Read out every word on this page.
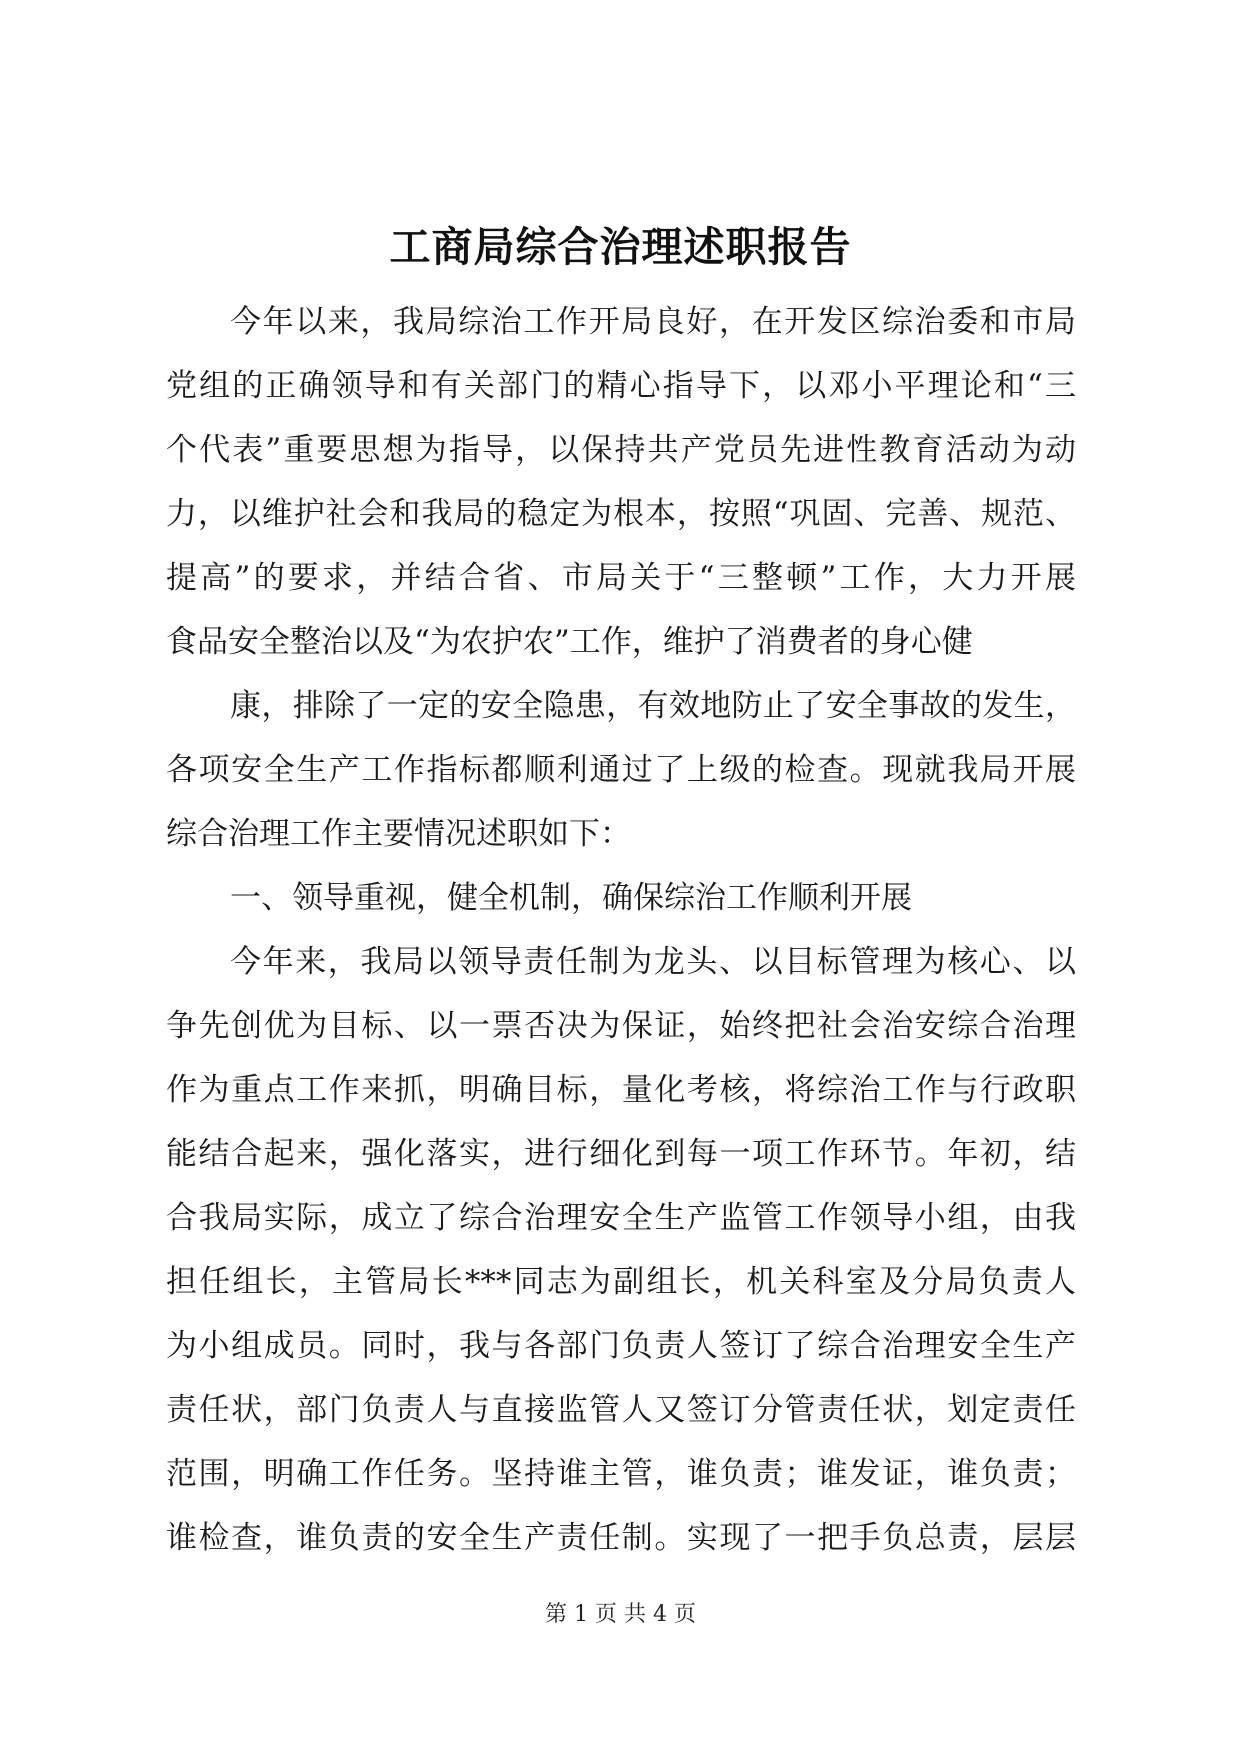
工商局综合治理述职报告
今年以来，我局综治工作开局良好，在开发区综治委和市局
党组的正确领导和有关部门的精心指导下，以邓小平理论和“三
个代表”重要思想为指导，以保持共产党员先进性教育活动为动
力，以维护社会和我局的稳定为根本，按照“巩固、完善、规范、
提高”的要求，并结合省、市局关于“三整顿”工作，大力开展
食品安全整治以及“为农护农”工作，维护了消费者的身心健
康，排除了一定的安全隐患，有效地防止了安全事故的发生，
各项安全生产工作指标都顺利通过了上级的检查。现就我局开展
综合治理工作主要情况述职如下：
一、领导重视，健全机制，确保综治工作顺利开展
今年来，我局以领导责任制为龙头、以目标管理为核心、以
争先创优为目标、以一票否决为保证，始终把社会治安综合治理
作为重点工作来抓，明确目标，量化考核，将综治工作与行政职
能结合起来，强化落实，进行细化到每一项工作环节。年初，结
合我局实际，成立了综合治理安全生产监管工作领导小组，由我
担任组长，主管局长***同志为副组长，机关科室及分局负责人
为小组成员。同时，我与各部门负责人签订了综合治理安全生产
责任状，部门负责人与直接监管人又签订分管责任状，划定责任
范围，明确工作任务。坚持谁主管，谁负责；谁发证，谁负责；
谁检查，谁负责的安全生产责任制。实现了一把手负总责，层层
第 1 页 共 4 页
